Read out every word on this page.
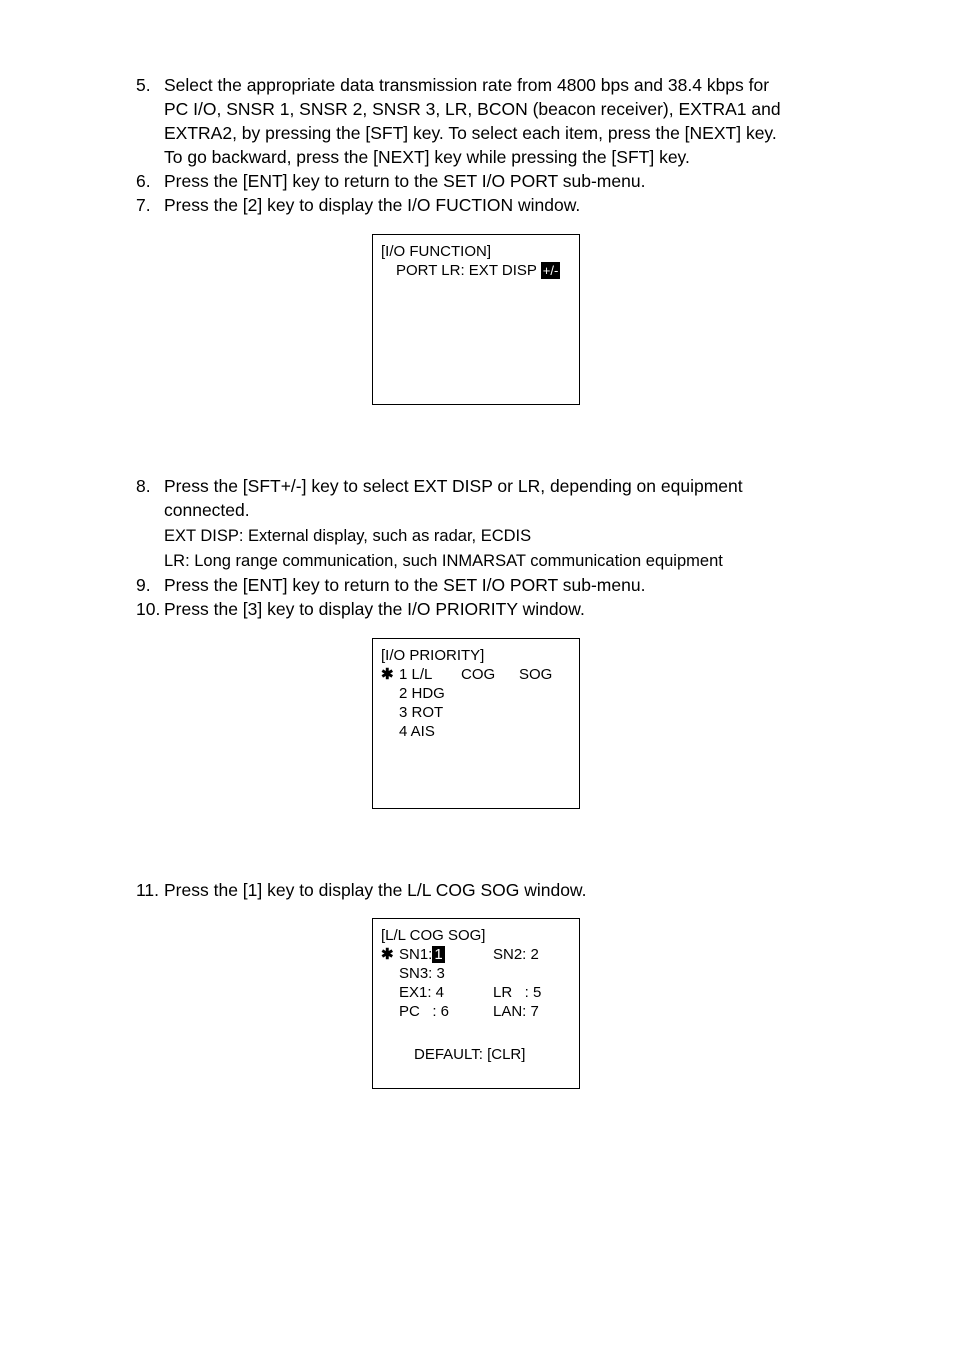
5. Select the appropriate data transmission rate from 4800 bps and 38.4 kbps for
PC I/O, SNSR 1, SNSR 2, SNSR 3, LR, BCON (beacon receiver), EXTRA1 and
EXTRA2, by pressing the [SFT] key. To select each item, press the [NEXT] key.
To go backward, press the [NEXT] key while pressing the [SFT] key.
6. Press the [ENT] key to return to the SET I/O PORT sub-menu.
7. Press the [2] key to display the I/O FUCTION window.
[I/O FUNCTION]
PORT LR: EXT DISP +/-
8. Press the [SFT+/-] key to select EXT DISP or LR, depending on equipment
connected.
EXT DISP: External display, such as radar, ECDIS
LR: Long range communication, such INMARSAT communication equipment
9. Press the [ENT] key to return to the SET I/O PORT sub-menu.
10. Press the [3] key to display the I/O PRIORITY window.
[I/O PRIORITY]
✱ 1 L/L COG SOG
2 HDG
3 ROT
4 AIS
11. Press the [1] key to display the L/L COG SOG window.
[L/L COG SOG]
✱ SN1: 1	SN2: 2
SN3: 3
EX1: 4	LR   : 5
PC   : 6	LAN: 7
DEFAULT: [CLR]
